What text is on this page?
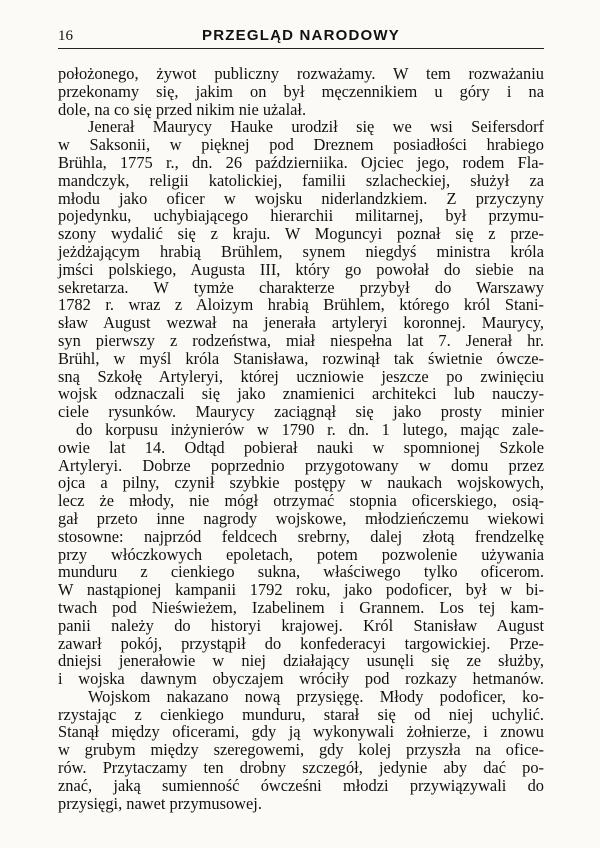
16	PRZEGLĄD NARODOWY
położonego, żywot publiczny rozważamy. W tem rozważaniu
przekonamy się, jakim on był męczennikiem u góry i na
dole, na co się przed nikim nie użalał.
Jenerał Maurycy Hauke urodził się we wsi Seifersdorf
w Saksonii, w pięknej pod Dreznem posiadłości hrabiego
Brühla, 1775 r., dn. 26 październiika. Ojciec jego, rodem Fla-
mandczyk, religii katolickiej, familii szlacheckiej, służył za
młodu jako oficer w wojsku niderlandzkiem. Z przyczyny
pojedynku, uchybiającego hierarchii militarnej, był przymu-
szony wydalić się z kraju. W Moguncyi poznał się z prze-
jeżdżającym hrabią Brühlem, synem niegdyś ministra króla
jmści polskiego, Augusta III, który go powołał do siebie na
sekretarza. W tymże charakterze przybył do Warszawy
1782 r. wraz z Aloizym hrabią Brühlem, którego król Stani-
sław August wezwał na jenerała artyleryi koronnej. Maurycy,
syn pierwszy z rodzeństwa, miał niespełna lat 7. Jenerał hr.
Brühl, w myśl króla Stanisława, rozwinął tak świetnie ówcze-
sną Szkołę Artyleryi, której uczniowie jeszcze po zwinięciu
wojsk odznaczali się jako znamienici architekci lub nauczy-
ciele rysunków. Maurycy zaciągnął się jako prosty minier
do korpusu inżynierów w 1790 r. dn. 1 lutego, mając zale-
owie lat 14. Odtąd pobierał nauki w spomnionej Szkole
Artyleryi. Dobrze poprzednio przygotowany w domu przez
ojca a pilny, czynił szybkie postępy w naukach wojskowych,
lecz że młody, nie mógł otrzymać stopnia oficerskiego, osią-
gał przeto inne nagrody wojskowe, młodzieńczemu wiekowi
stosowne: najprzód feldcech srebrny, dalej złotą frendzelkę
przy włóczkowych epoletach, potem pozwolenie używania
munduru z cienkiego sukna, właściwego tylko oficerom.
W nastąpionej kampanii 1792 roku, jako podoficer, był w bi-
twach pod Nieświeżem, Izabelinem i Grannem. Los tej kam-
panii należy do historyi krajowej. Król Stanisław August
zawarł pokój, przystąpił do konfederacyi targowickiej. Prze-
dniejsi jenerałowie w niej działający usunęli się ze służby,
i wojska dawnym obyczajem wróciły pod rozkazy hetmanów.
Wojskom nakazano nową przysięgę. Młody podoficer, ko-
rzystając z cienkiego munduru, starał się od niej uchylić.
Stanął między oficerami, gdy ją wykonywali żołnierze, i znowu
w grubym między szeregowemi, gdy kolej przyszła na ofice-
rów. Przytaczamy ten drobny szczegół, jedynie aby dać po-
znać, jaką sumienność ówcześni młodzi przywiązywali do
przysięgi, nawet przymusowej.
